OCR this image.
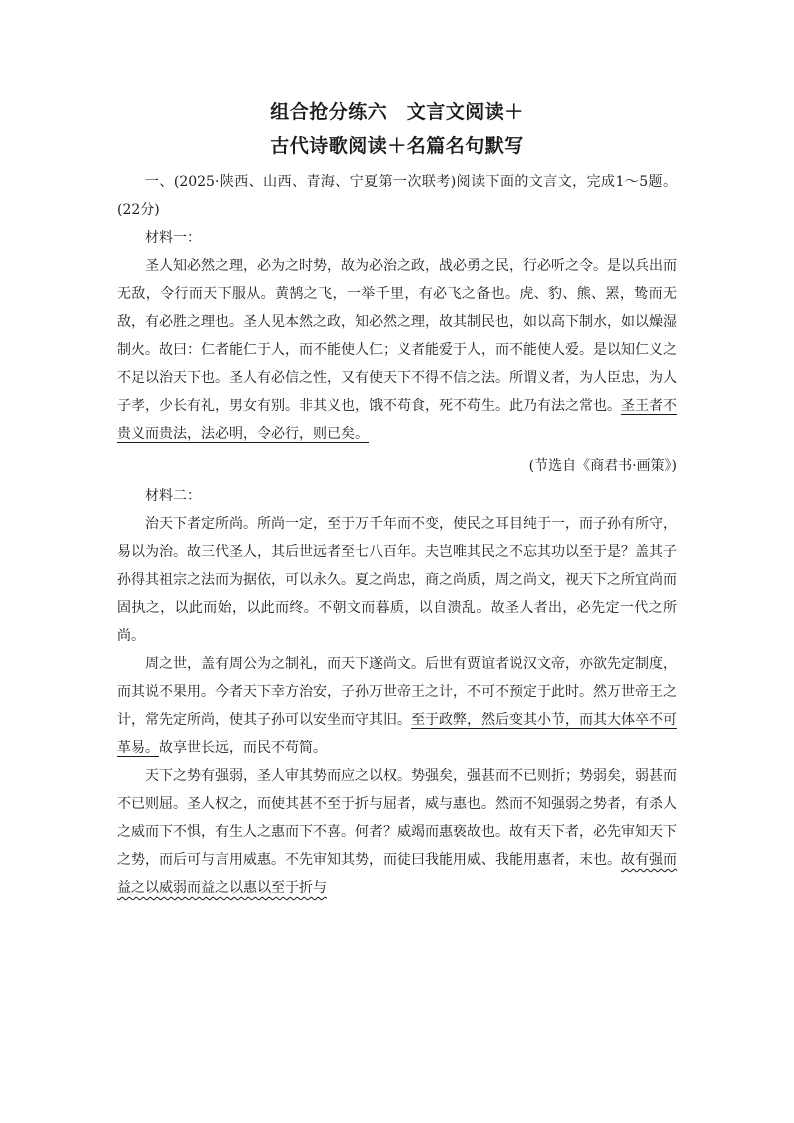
组合抢分练六　文言文阅读＋
古代诗歌阅读＋名篇名句默写

一、(2025·陕西、山西、青海、宁夏第一次联考)阅读下面的文言文，完成1～5题。(22分)

材料一：

圣人知必然之理，必为之时势，故为必治之政，战必勇之民，行必听之令。是以兵出而无敌，令行而天下服从。黄鹄之飞，一举千里，有必飞之备也。虎、豹、熊、罴，鸷而无敌，有必胜之理也。圣人见本然之政，知必然之理，故其制民也，如以高下制水，如以燥湿制火。故曰：仁者能仁于人，而不能使人仁；义者能爱于人，而不能使人爱。是以知仁义之不足以治天下也。圣人有必信之性，又有使天下不得不信之法。所谓义者，为人臣忠，为人子孝，少长有礼，男女有别。非其义也，饿不苟食，死不苟生。此乃有法之常也。圣王者不贵义而贵法，法必明，令必行，则已矣。

(节选自《商君书·画策》)

材料二：

治天下者定所尚。所尚一定，至于万千年而不变，使民之耳目纯于一，而子孙有所守，易以为治。故三代圣人，其后世远者至七八百年。夫岂唯其民之不忘其功以至于是？盖其子孙得其祖宗之法而为据依，可以永久。夏之尚忠，商之尚质，周之尚文，视天下之所宜尚而固执之，以此而始，以此而终。不朝文而暮质，以自溃乱。故圣人者出，必先定一代之所尚。

周之世，盖有周公为之制礼，而天下遂尚文。后世有贾谊者说汉文帝，亦欲先定制度，而其说不果用。今者天下幸方治安，子孙万世帝王之计，不可不预定于此时。然万世帝王之计，常先定所尚，使其子孙可以安坐而守其旧。至于政弊，然后变其小节，而其大体卒不可革易。故享世长远，而民不苟简。

天下之势有强弱，圣人审其势而应之以权。势强矣，强甚而不已则折；势弱矣，弱甚而不已则屈。圣人权之，而使其甚不至于折与屈者，威与惠也。然而不知强弱之势者，有杀人之威而下不惧，有生人之惠而下不喜。何者？威竭而惠亵故也。故有天下者，必先审知天下之势，而后可与言用威惠。不先审知其势，而徒曰我能用威、我能用惠者，末也。故有强而益之以威弱而益之以惠以至于折与
